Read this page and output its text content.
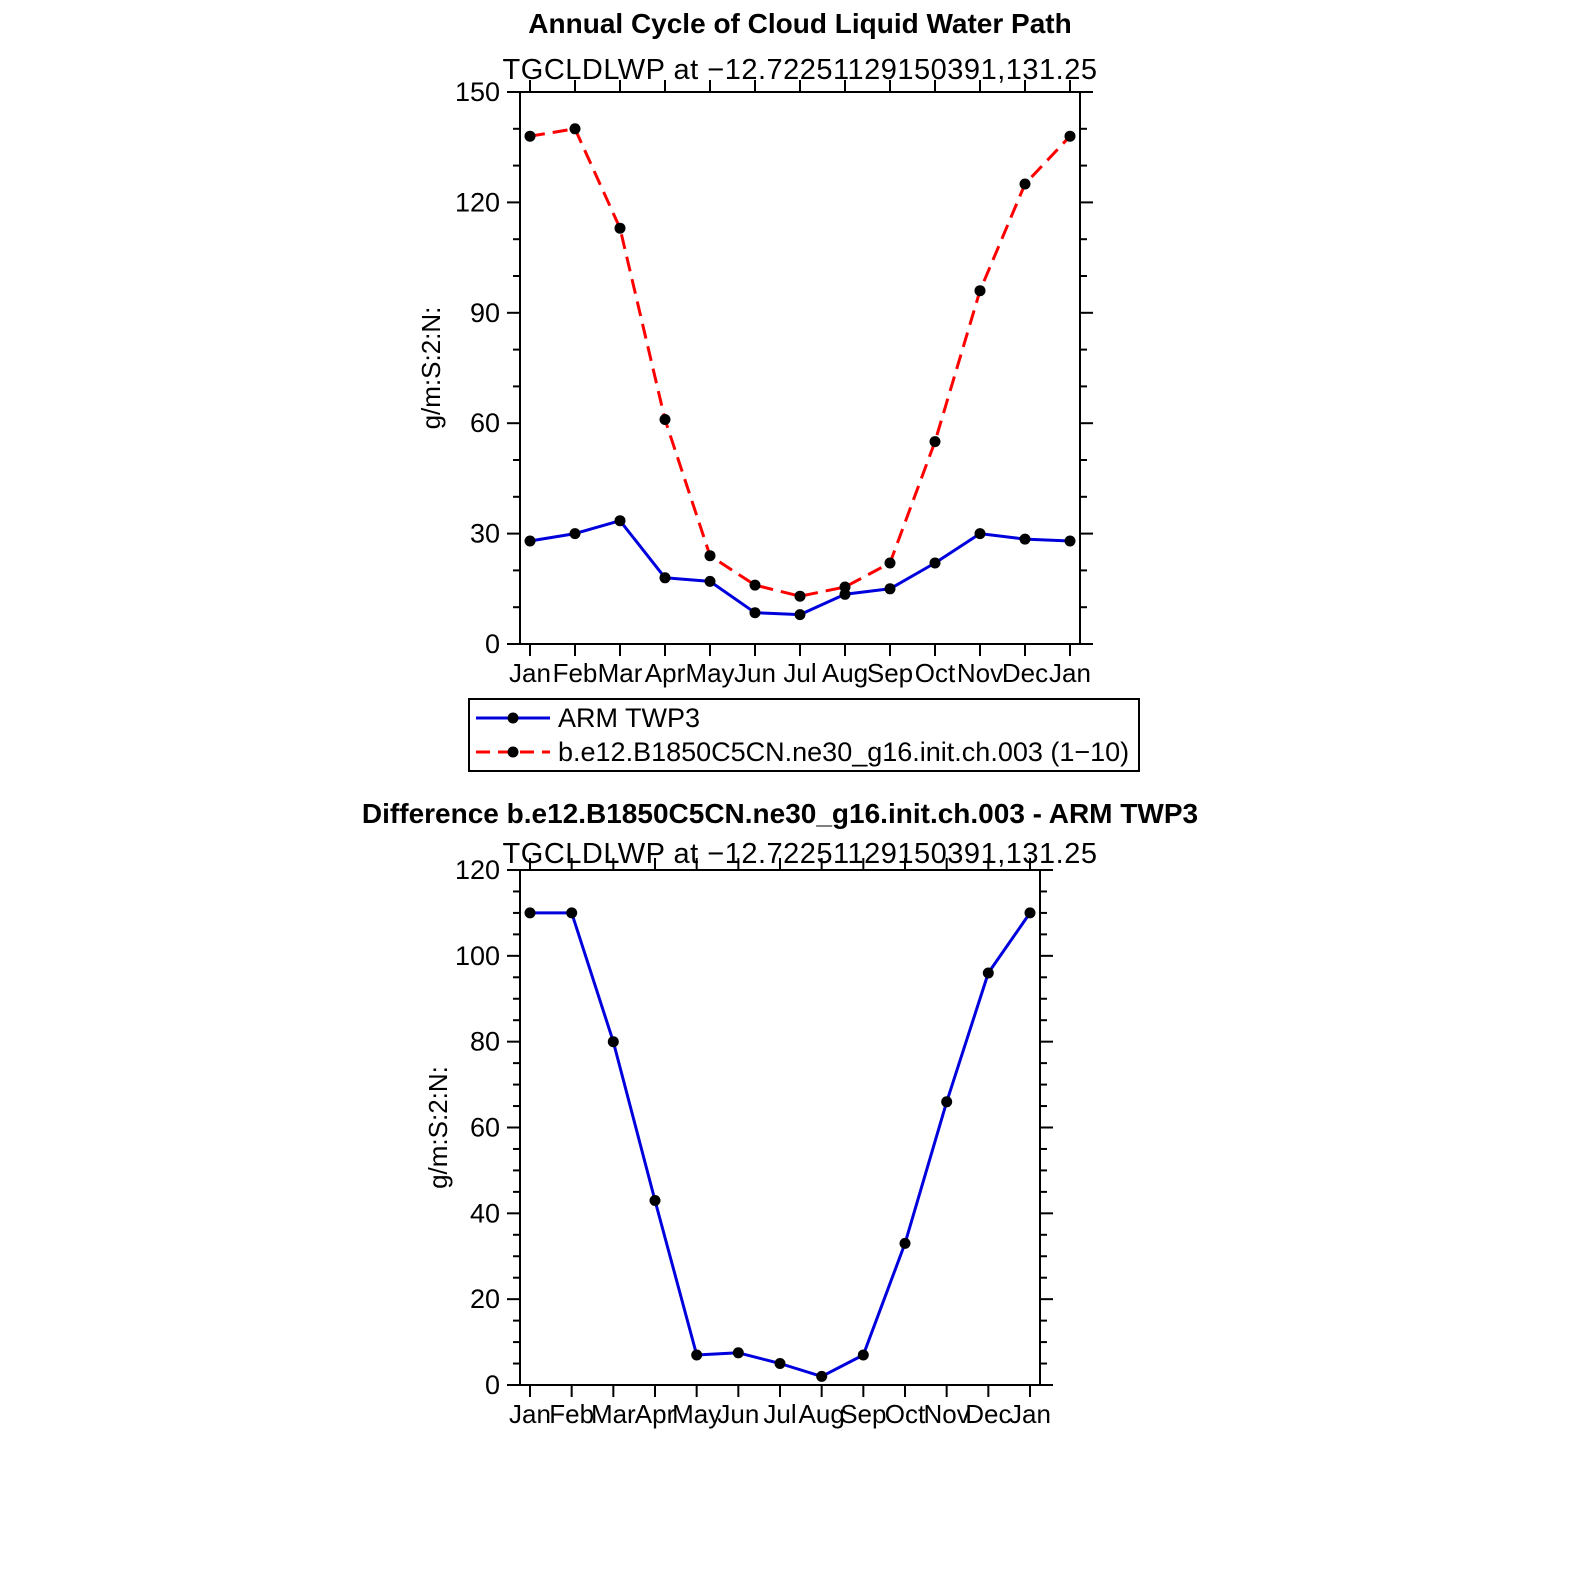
Annual Cycle of Cloud Liquid Water Path
TGCLDLWP at −12.72251129150391,131.25
0
30
60
90
120
150
Jan Feb Mar Apr May Jun Jul Aug
Sep Oct Nov
Dec Jan
g/m:S:2:N:
ARM TWP3
b.e12.B1850C5CN.ne30_g16.init.ch.003 (1−10)
Difference b.e12.B1850C5CN.ne30_g16.init.ch.003 - ARM TWP3
TGCLDLWP at −12.72251129150391,131.25
0
20
40
60
80
100
120
Jan
Feb
Mar Apr
May
Jun Jul Aug
Sep
Oct
Nov
Dec
Jan
g/m:S:2:N:
